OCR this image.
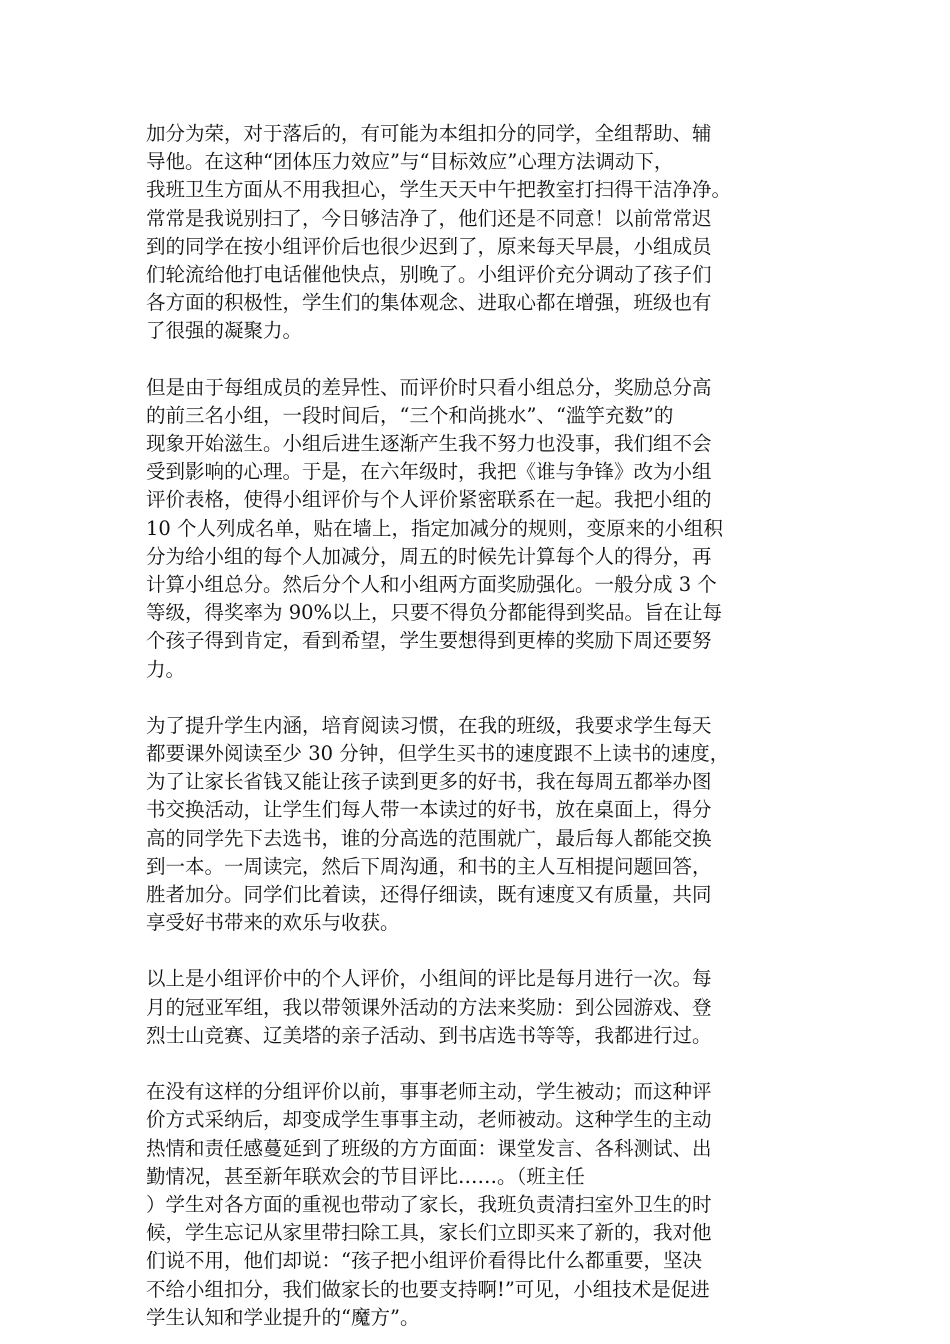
加分为荣，对于落后的，有可能为本组扣分的同学，全组帮助、辅
导他。在这种“团体压力效应”与“目标效应”心理方法调动下，
我班卫生方面从不用我担心，学生天天中午把教室打扫得干洁净净。
常常是我说别扫了，今日够洁净了，他们还是不同意！以前常常迟
到的同学在按小组评价后也很少迟到了，原来每天早晨，小组成员
们轮流给他打电话催他快点，别晚了。小组评价充分调动了孩子们
各方面的积极性，学生们的集体观念、进取心都在增强，班级也有
了很强的凝聚力。

但是由于每组成员的差异性、而评价时只看小组总分，奖励总分高
的前三名小组，一段时间后，“三个和尚挑水”、“滥竽充数”的
现象开始滋生。小组后进生逐渐产生我不努力也没事，我们组不会
受到影响的心理。于是，在六年级时，我把《谁与争锋》改为小组
评价表格，使得小组评价与个人评价紧密联系在一起。我把小组的
10 个人列成名单，贴在墙上，指定加减分的规则，变原来的小组积
分为给小组的每个人加减分，周五的时候先计算每个人的得分，再
计算小组总分。然后分个人和小组两方面奖励强化。一般分成 3 个
等级，得奖率为 90%以上，只要不得负分都能得到奖品。旨在让每
个孩子得到肯定，看到希望，学生要想得到更棒的奖励下周还要努
力。

为了提升学生内涵，培育阅读习惯，在我的班级，我要求学生每天
都要课外阅读至少 30 分钟，但学生买书的速度跟不上读书的速度，
为了让家长省钱又能让孩子读到更多的好书，我在每周五都举办图
书交换活动，让学生们每人带一本读过的好书，放在桌面上，得分
高的同学先下去选书，谁的分高选的范围就广，最后每人都能交换
到一本。一周读完，然后下周沟通，和书的主人互相提问题回答，
胜者加分。同学们比着读，还得仔细读，既有速度又有质量，共同
享受好书带来的欢乐与收获。

以上是小组评价中的个人评价，小组间的评比是每月进行一次。每
月的冠亚军组，我以带领课外活动的方法来奖励：到公园游戏、登
烈士山竞赛、辽美塔的亲子活动、到书店选书等等，我都进行过。

在没有这样的分组评价以前，事事老师主动，学生被动；而这种评
价方式采纳后，却变成学生事事主动，老师被动。这种学生的主动
热情和责任感蔓延到了班级的方方面面：课堂发言、各科测试、出
勤情况，甚至新年联欢会的节目评比……。（班主任
）学生对各方面的重视也带动了家长，我班负责清扫室外卫生的时
候，学生忘记从家里带扫除工具，家长们立即买来了新的，我对他
们说不用，他们却说：“孩子把小组评价看得比什么都重要，坚决
不给小组扣分，我们做家长的也要支持啊!”可见，小组技术是促进
学生认知和学业提升的“魔方”。
